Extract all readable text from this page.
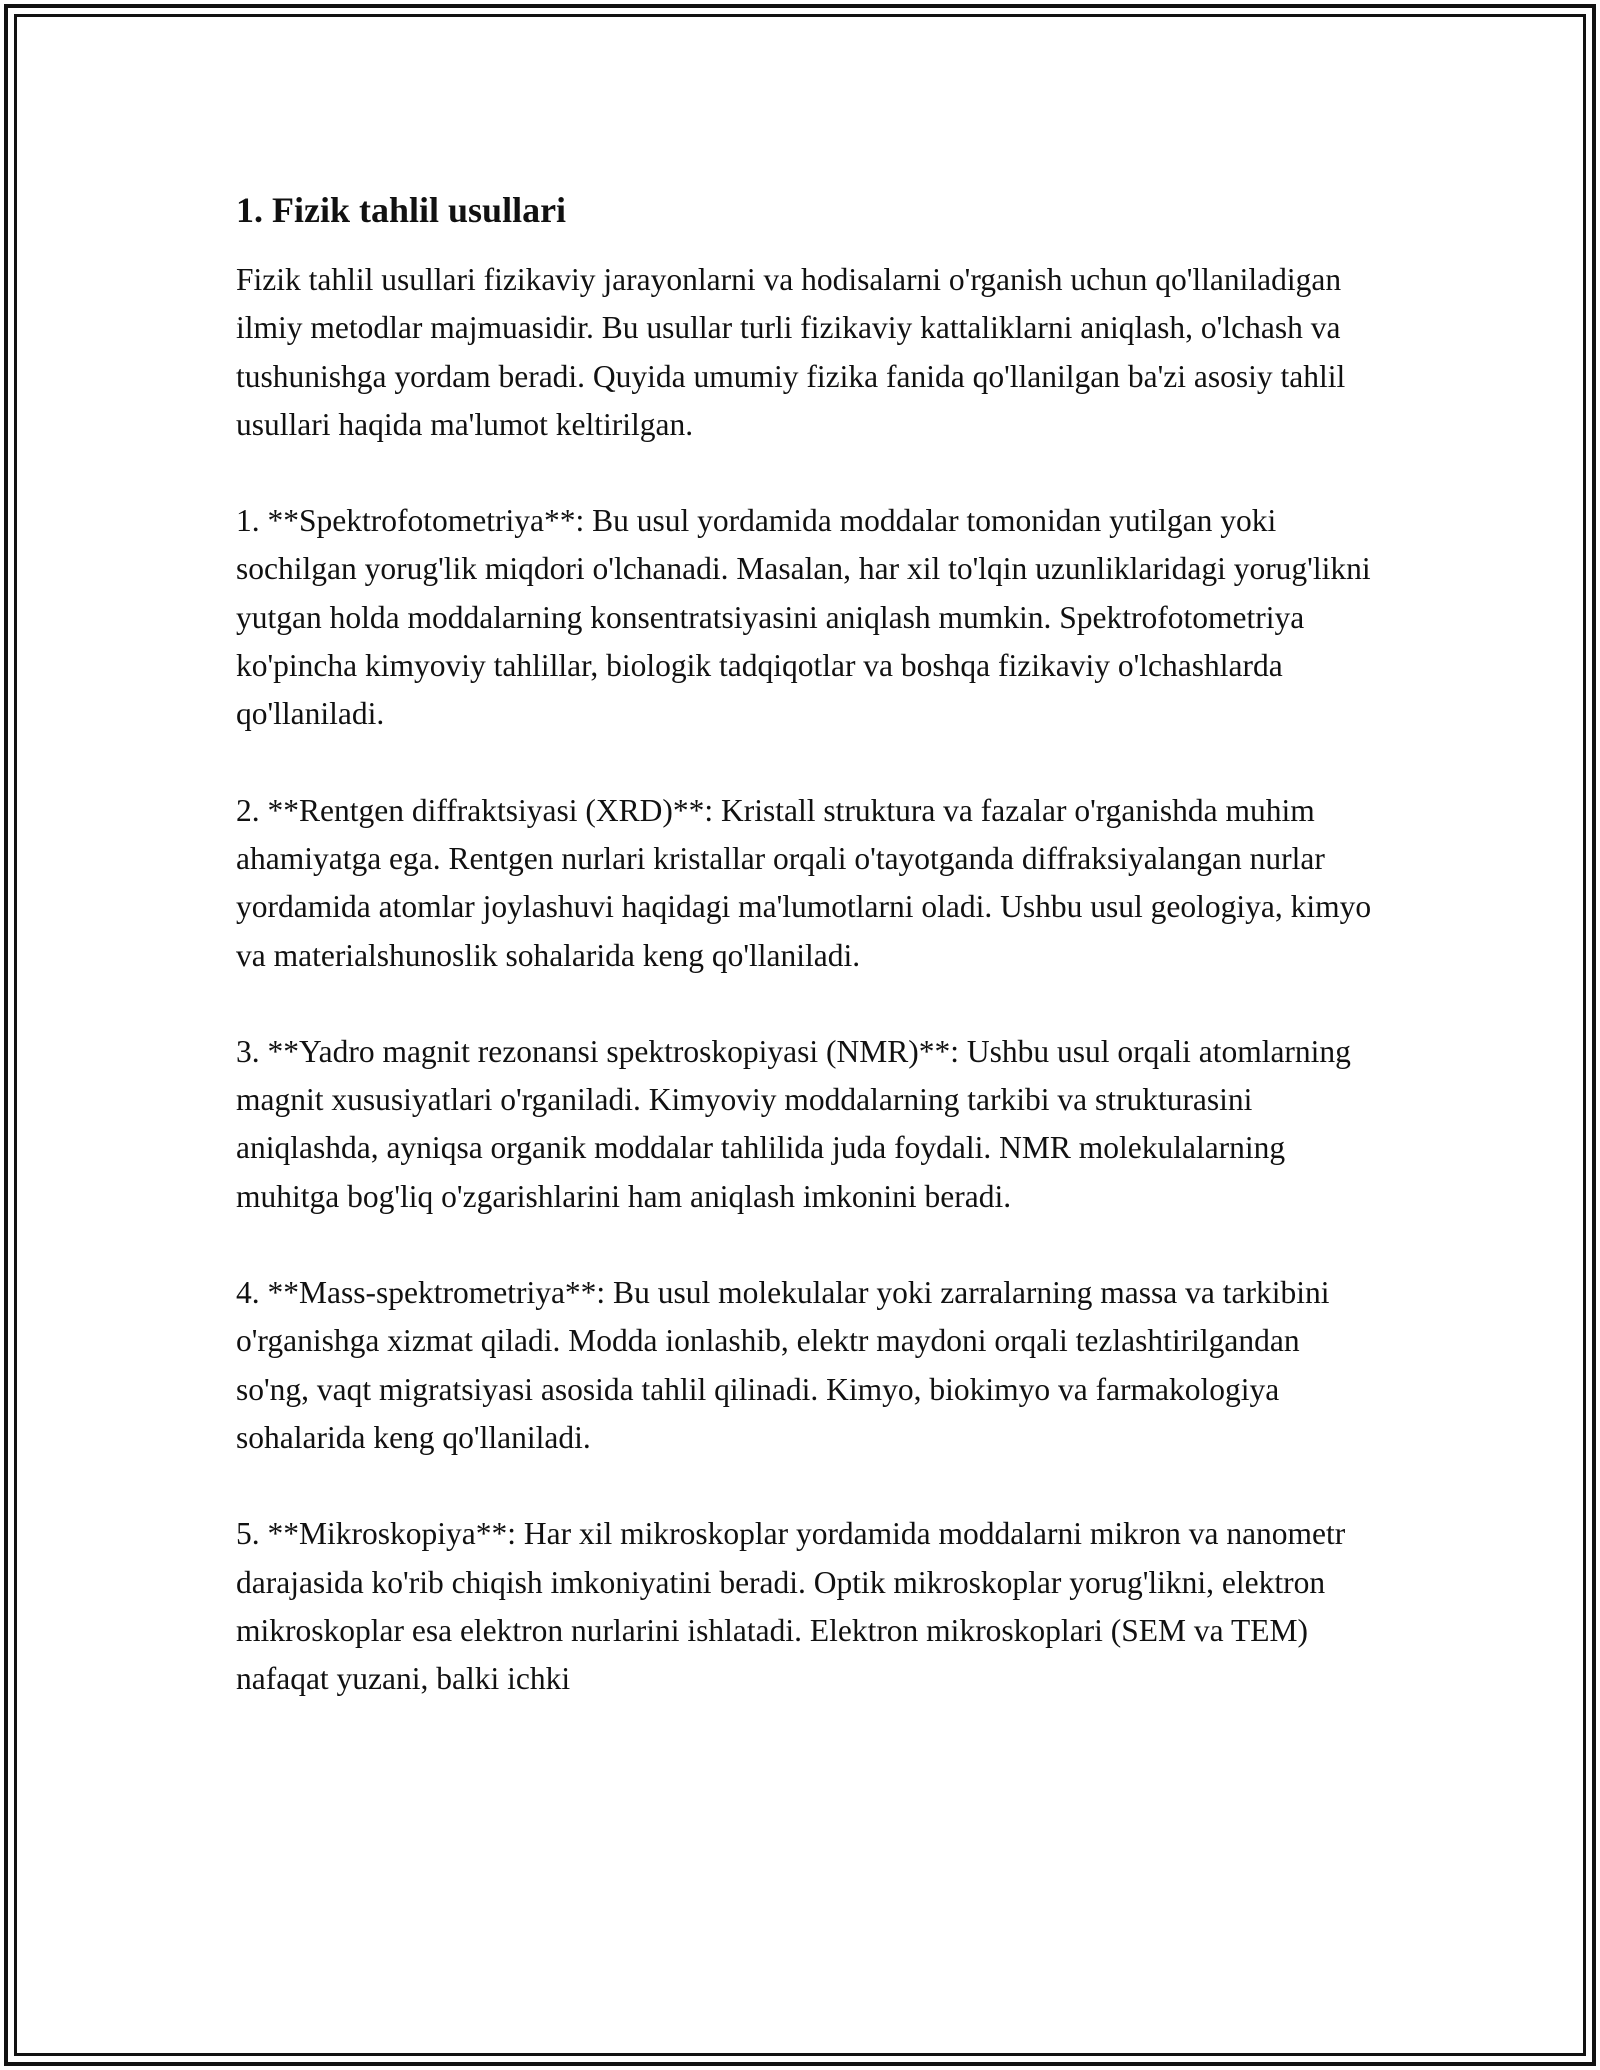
1. Fizik tahlil usullari

Fizik tahlil usullari fizikaviy jarayonlarni va hodisalarni o'rganish uchun qo'llaniladigan ilmiy metodlar majmuasidir. Bu usullar turli fizikaviy kattaliklarni aniqlash, o'lchash va tushunishga yordam beradi. Quyida umumiy fizika fanida qo'llanilgan ba'zi asosiy tahlil usullari haqida ma'lumot keltirilgan.

1. **Spektrofotometriya**: Bu usul yordamida moddalar tomonidan yutilgan yoki sochilgan yorug'lik miqdori o'lchanadi. Masalan, har xil to'lqin uzunliklaridagi yorug'likni yutgan holda moddalarning konsentratsiyasini aniqlash mumkin. Spektrofotometriya ko'pincha kimyoviy tahlillar, biologik tadqiqotlar va boshqa fizikaviy o'lchashlarda qo'llaniladi.

2. **Rentgen diffraktsiyasi (XRD)**: Kristall struktura va fazalar o'rganishda muhim ahamiyatga ega. Rentgen nurlari kristallar orqali o'tayotganda diffraksiyalangan nurlar yordamida atomlar joylashuvi haqidagi ma'lumotlarni oladi. Ushbu usul geologiya, kimyo va materialshunoslik sohalarida keng qo'llaniladi.

3. **Yadro magnit rezonansi spektroskopiyasi (NMR)**: Ushbu usul orqali atomlarning magnit xususiyatlari o'rganiladi. Kimyoviy moddalarning tarkibi va strukturasini aniqlashda, ayniqsa organik moddalar tahlilida juda foydali. NMR molekulalarning muhitga bog'liq o'zgarishlarini ham aniqlash imkonini beradi.

4. **Mass-spektrometriya**: Bu usul molekulalar yoki zarralarning massa va tarkibini o'rganishga xizmat qiladi. Modda ionlashib, elektr maydoni orqali tezlashtirilgandan so'ng, vaqt migratsiyasi asosida tahlil qilinadi. Kimyo, biokimyo va farmakologiya sohalarida keng qo'llaniladi.

5. **Mikroskopiya**: Har xil mikroskoplar yordamida moddalarni mikron va nanometr darajasida ko'rib chiqish imkoniyatini beradi. Optik mikroskoplar yorug'likni, elektron mikroskoplar esa elektron nurlarini ishlatadi. Elektron mikroskoplari (SEM va TEM) nafaqat yuzani, balki ichki
